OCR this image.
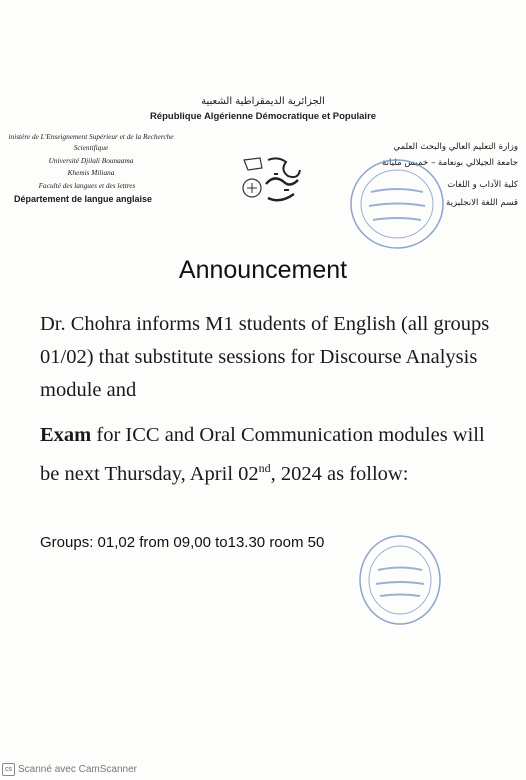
الجزائرية الديمقراطية الشعبية
République Algérienne Démocratique et Populaire
inistère de L'Enseignement Supérieur et de la Recherche
Scientifique
Université Djilali Bounaama
Khemis Miliana
Faculté des langues et des lettres
Département de langue anglaise
وزارة التعليم العالي والبحث العلمي
جامعة الجيلالي بونعامة – خميس مليانة
كلية الآداب و اللغات
قسم اللغة الانجليزية
Announcement
Dr. Chohra informs M1 students of English (all groups 01/02) that substitute sessions for Discourse Analysis module and
Exam for ICC and Oral Communication modules will be next Thursday, April 02nd, 2024 as follow:
Groups: 01,02 from 09,00 to13.30 room 50
cs Scanné avec CamScanner
